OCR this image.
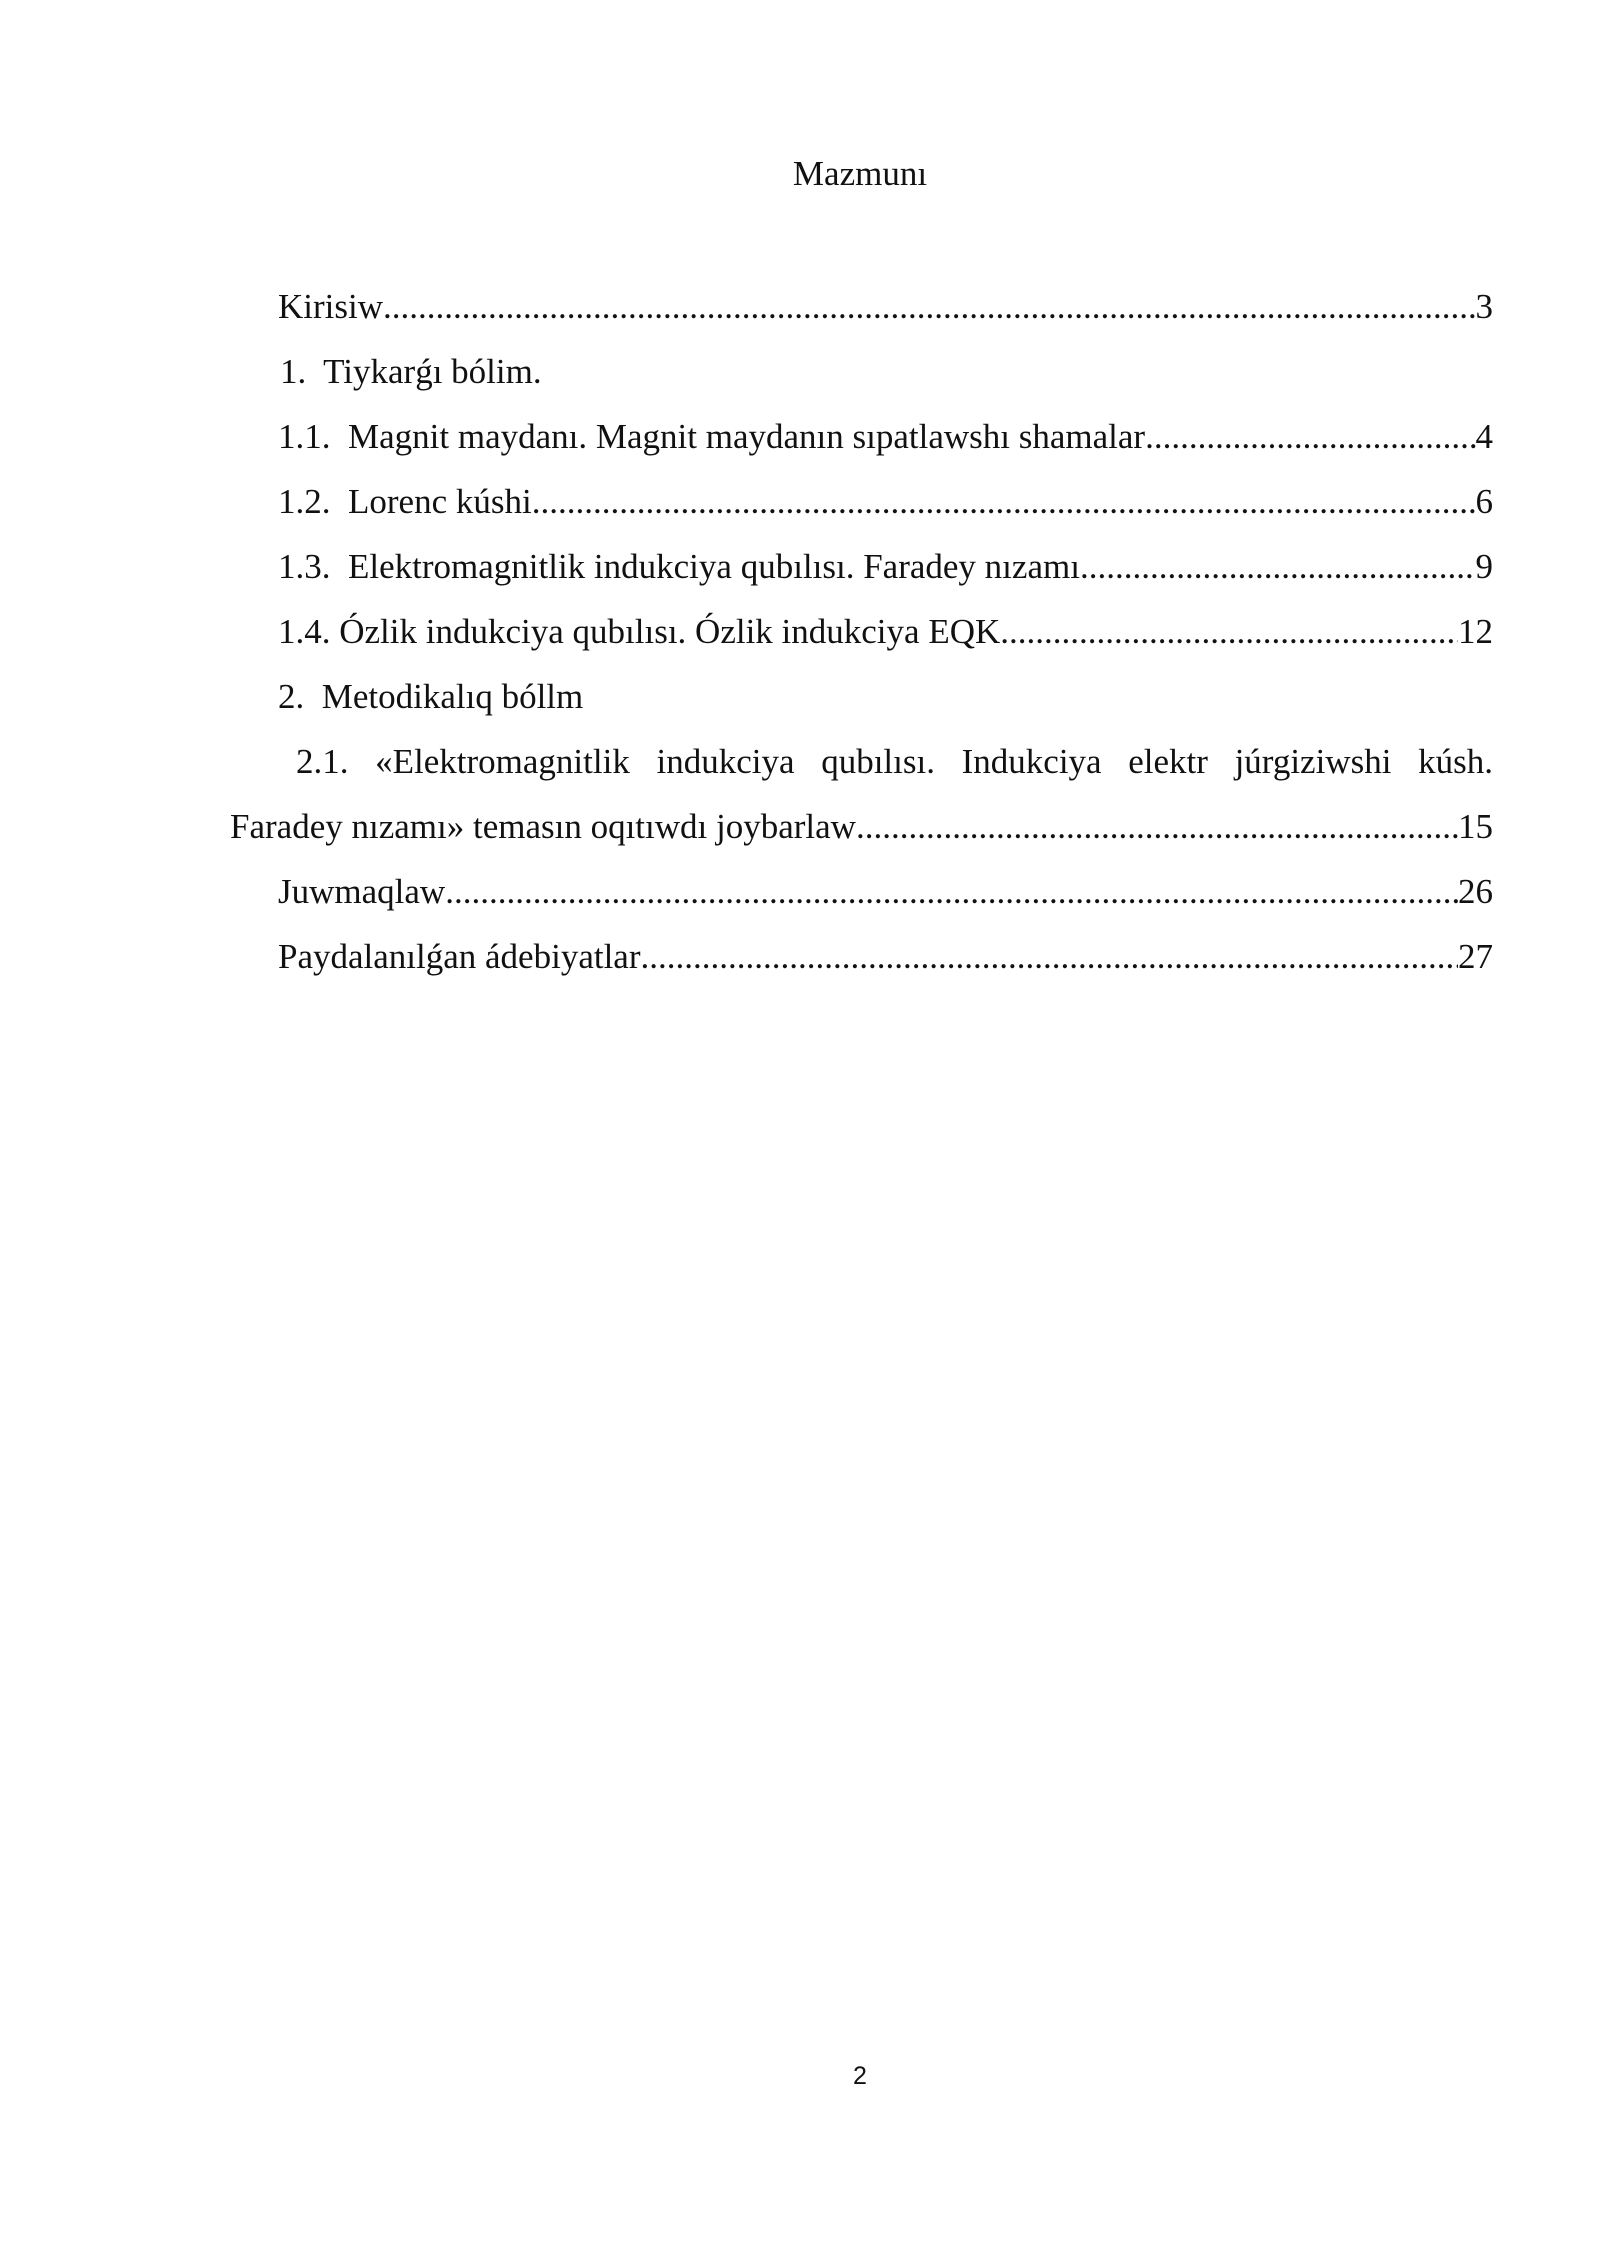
Mazmunı
Kirisiw .....	3
1. Tiykarǵı bólim.
1.1. Magnit maydanı. Magnit maydanın sıpatlawshı shamalar .....	4
1.2. Lorenc kúshi .....	6
1.3. Elektromagnitlik indukciya qubılısı. Faradey nızamı .....	9
1.4. Ózlik indukciya qubılısı. Ózlik indukciya EQK .....	12
2. Metodikalıq bóllm
2.1. «Elektromagnitlik indukciya qubılısı. Indukciya elektr júrgiziwshi kúsh.
Faradey nızamı» temasın oqıtıwdı joybarlaw .....	15
Juwmaqlaw .....	26
Paydalanılǵan ádebiyatlar .....	27
2
